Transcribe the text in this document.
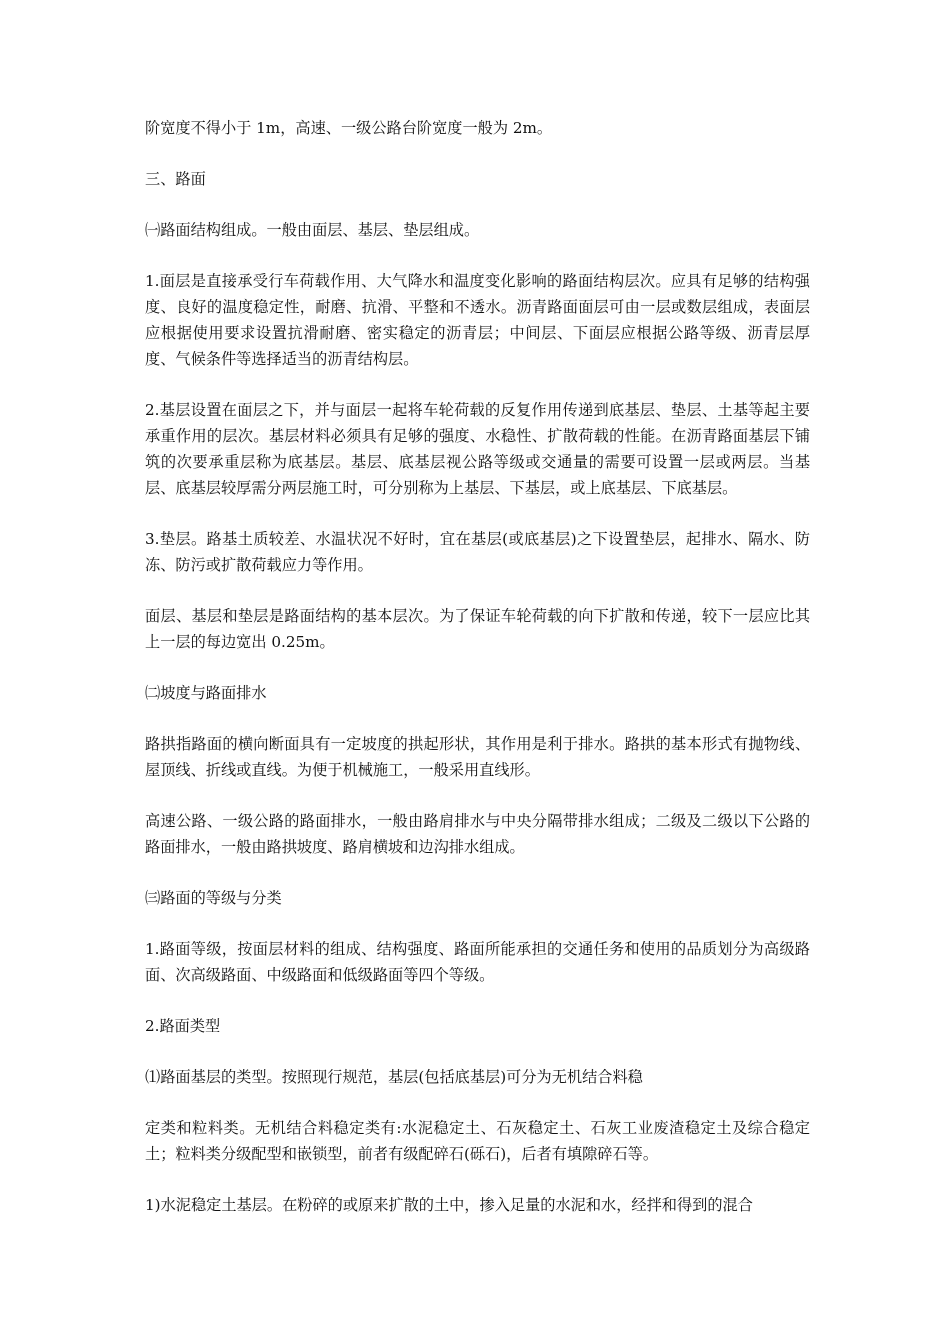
阶宽度不得小于 1m，高速、一级公路台阶宽度一般为 2m。

三、路面

㈠路面结构组成。一般由面层、基层、垫层组成。

1.面层是直接承受行车荷载作用、大气降水和温度变化影响的路面结构层次。应具有足够的结构强度、良好的温度稳定性，耐磨、抗滑、平整和不透水。沥青路面面层可由一层或数层组成，表面层应根据使用要求设置抗滑耐磨、密实稳定的沥青层；中间层、下面层应根据公路等级、沥青层厚度、气候条件等选择适当的沥青结构层。

2.基层设置在面层之下，并与面层一起将车轮荷载的反复作用传递到底基层、垫层、土基等起主要承重作用的层次。基层材料必须具有足够的强度、水稳性、扩散荷载的性能。在沥青路面基层下铺筑的次要承重层称为底基层。基层、底基层视公路等级或交通量的需要可设置一层或两层。当基层、底基层较厚需分两层施工时，可分别称为上基层、下基层，或上底基层、下底基层。

3.垫层。路基土质较差、水温状况不好时，宜在基层(或底基层)之下设置垫层，起排水、隔水、防冻、防污或扩散荷载应力等作用。

面层、基层和垫层是路面结构的基本层次。为了保证车轮荷载的向下扩散和传递，较下一层应比其上一层的每边宽出 0.25m。

㈡坡度与路面排水

路拱指路面的横向断面具有一定坡度的拱起形状，其作用是利于排水。路拱的基本形式有抛物线、屋顶线、折线或直线。为便于机械施工，一般采用直线形。

高速公路、一级公路的路面排水，一般由路肩排水与中央分隔带排水组成；二级及二级以下公路的路面排水，一般由路拱坡度、路肩横坡和边沟排水组成。

㈢路面的等级与分类

1.路面等级，按面层材料的组成、结构强度、路面所能承担的交通任务和使用的品质划分为高级路面、次高级路面、中级路面和低级路面等四个等级。

2.路面类型

⑴路面基层的类型。按照现行规范，基层(包括底基层)可分为无机结合料稳

定类和粒料类。无机结合料稳定类有:水泥稳定土、石灰稳定土、石灰工业废渣稳定土及综合稳定土；粒料类分级配型和嵌锁型，前者有级配碎石(砾石)，后者有填隙碎石等。

1)水泥稳定土基层。在粉碎的或原来扩散的土中，掺入足量的水泥和水，经拌和得到的混合
